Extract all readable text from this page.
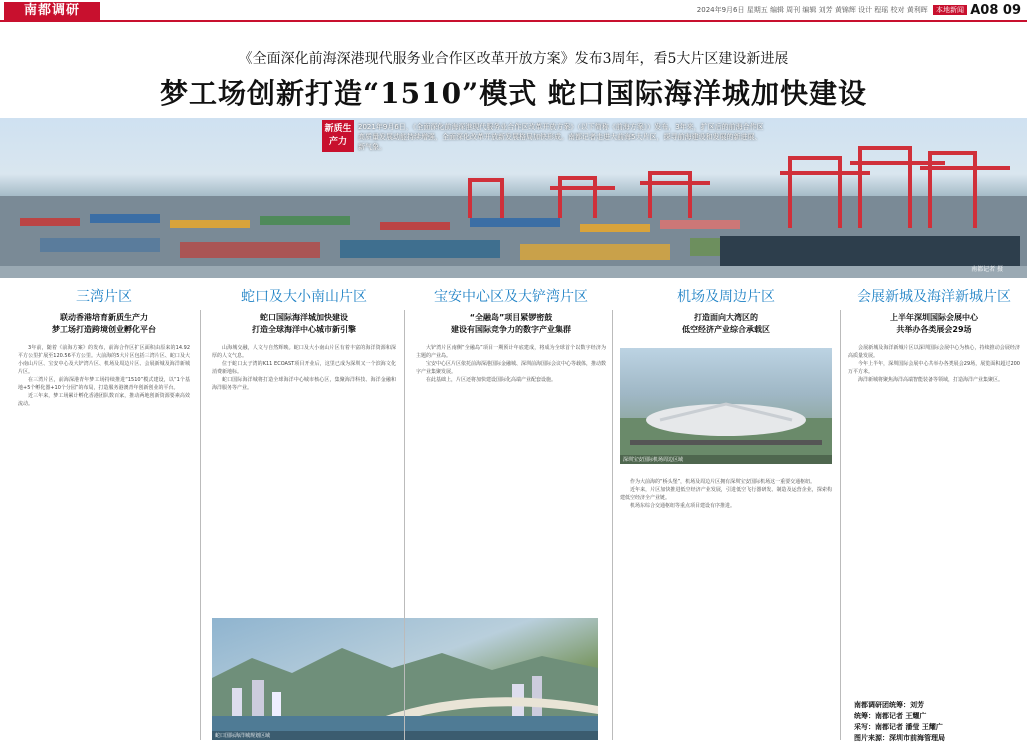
南都调研	2024年9月6日 星期五 编辑 周刊 编辑 刘芳 黄锦辉 设计 程瑶 校对 黄利晖 本地新闻 A08 09
《全面深化前海深港现代服务业合作区改革开放方案》发布3周年，看5大片区建设新进展
梦工场创新打造“1510”模式 蛇口国际海洋城加快建设
新质生产力
2021年9月6日，《全面深化前海深港现代服务业合作区改革开放方案》（以下简称《前海方案》）发布，3年来，扩区后的前海合作区高质量发展动能持续增强，全面深化改革开放新发展格局加快形成。南都记者走进大前海5大片区，探寻前海建设和发展的新进展、新气象。
南都记者 摄
三湾片区
联动香港培育新质生产力
梦工场打造跨境创业孵化平台

3年前，随着《前海方案》的发布，前海合作区扩区面积由原来的14.92平方公里扩展至120.56平方公里。大前海的5大片区包括三湾片区、蛇口及大小南山片区、宝安中心及大铲湾片区、机场及周边片区、会展新城及海洋新城片区。

在三湾片区，前海深港青年梦工场持续推进“1510”模式建设，以“1个基地+5个孵化器+10个分园”的布局，打造服务港澳青年创新创业的平台。

近三年来，梦工场累计孵化香港团队数百家，推动两地创新资源要素高效流动。

蛇口及大小南山片区
蛇口国际海洋城加快建设
打造全球海洋中心城市新引擎

山海城交融，人文与自然辉映。蛇口及大小南山片区有着丰富的海洋资源和深厚的人文气息。

位于蛇口太子湾的K11 ECOAST项目开业后，这里已成为深圳又一个滨海文化消费新地标。

蛇口国际海洋城将打造全球海洋中心城市核心区，集聚海洋科技、海洋金融和海洋服务等产业。

蛇口国际海洋城规划区域
宝安中心区及大铲湾片区
“全融岛”项目紧锣密鼓
建设有国际竞争力的数字产业集群

大铲湾片区南侧“全融岛”项目一期预计年底建成，将成为全球首个以数字经济为主题的产业岛。

宝安中心区片区依托前海深港国际金融城、深圳前海国际会议中心等载体，推动数字产业集聚发展。

在此基础上，片区还将加快建设国际化高端产业配套设施。

机场及周边片区
打造面向大湾区的
低空经济产业综合承载区
深圳宝安国际机场周边区域

作为大前海的“桥头堡”，机场及周边片区拥有深圳宝安国际机场这一重要交通枢纽。

近年来，片区加快推进低空经济产业发展，引进低空飞行器研发、制造及运营企业，探索构建低空经济全产业链。

机场东综合交通枢纽等重点项目建设有序推进。

会展新城及海洋新城片区
上半年深圳国际会展中心
共举办各类展会29场

会展新城及海洋新城片区以深圳国际会展中心为核心，持续推动会展经济高质量发展。

今年上半年，深圳国际会展中心共举办各类展会29场，展览面积超过200万平方米。

海洋新城将聚焦海洋高端智能装备等领域，打造海洋产业集聚区。

南都调研团统筹：刘芳
统筹：南都记者 王耀广
采写：南都记者 潘莹 王耀广
图片来源：深圳市前海管理局
